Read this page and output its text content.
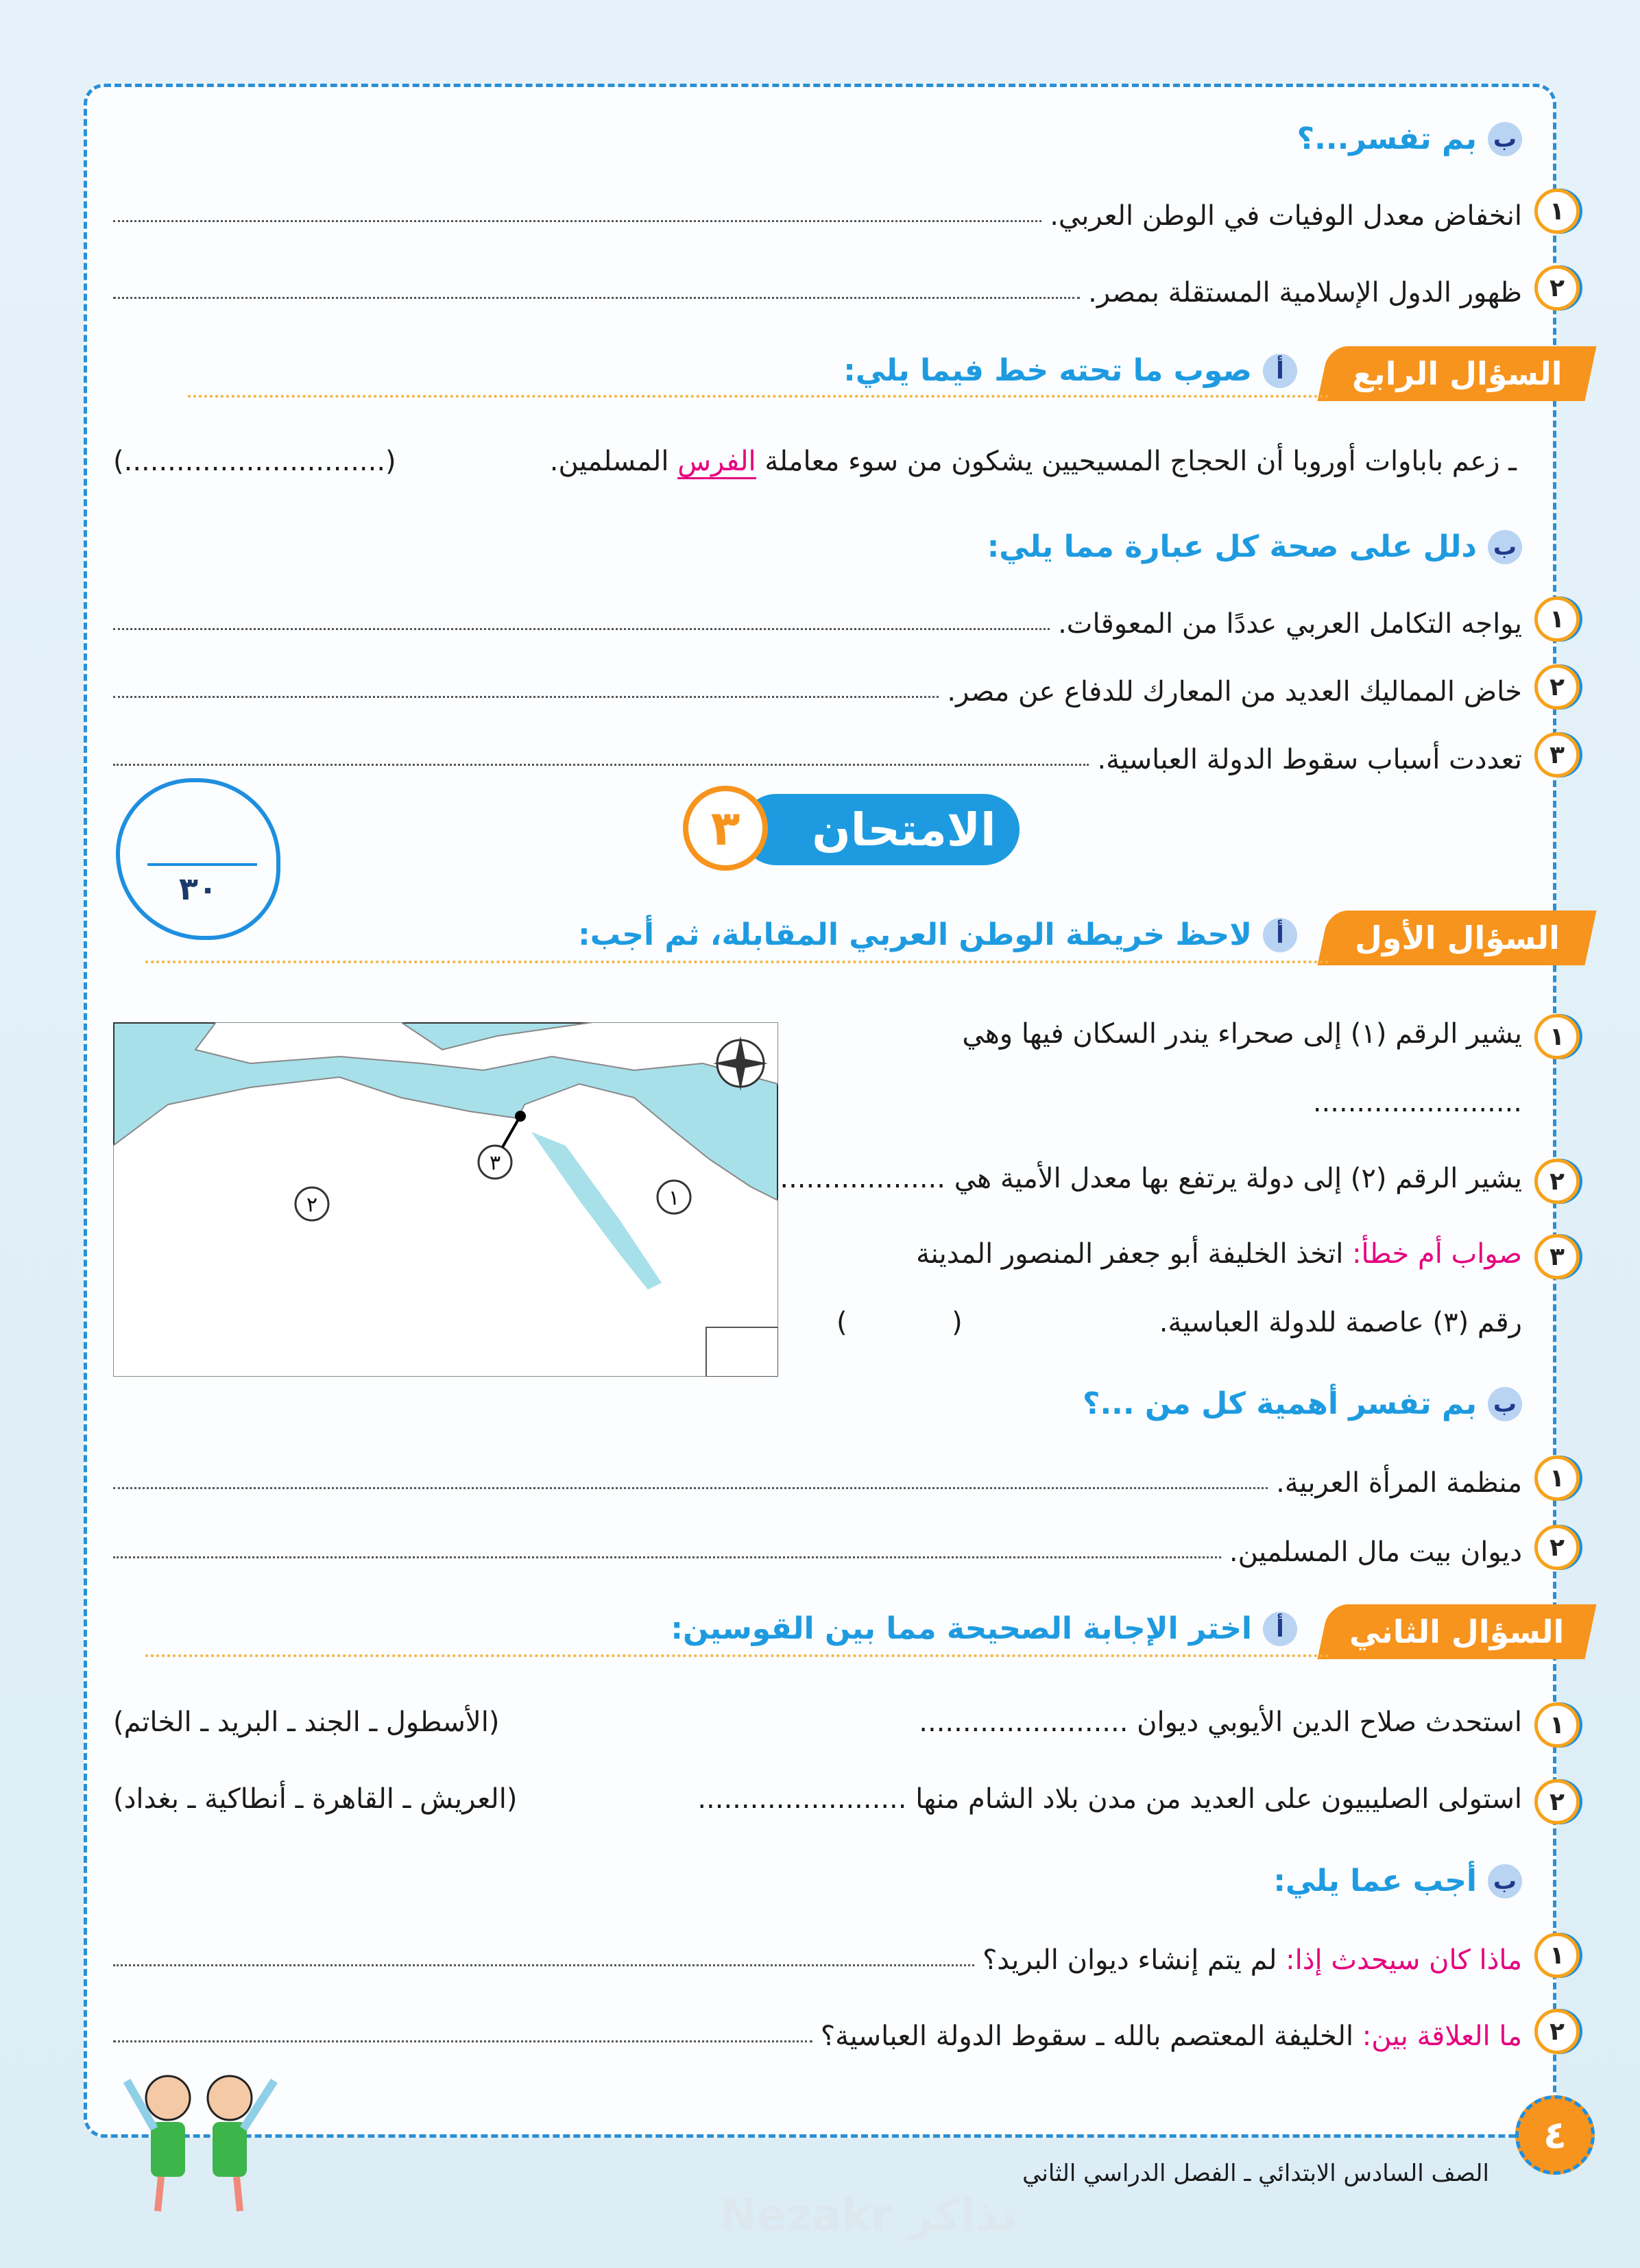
ب
بم تفسر...؟
١
انخفاض معدل الوفيات في الوطن العربي.
٢
ظهور الدول الإسلامية المستقلة بمصر.
السؤال الرابع
أ
صوب ما تحته خط فيما يلي:
ـ زعم باباوات أوروبا أن الحجاج المسيحيين يشكون من سوء معاملة الفرس المسلمين.
(..............................)
ب
دلل على صحة كل عبارة مما يلي:
١
يواجه التكامل العربي عددًا من المعوقات.
٢
خاض المماليك العديد من المعارك للدفاع عن مصر.
٣
تعددت أسباب سقوط الدولة العباسية.
الامتحان
٣
٣٠
السؤال الأول
أ
لاحظ خريطة الوطن العربي المقابلة، ثم أجب:
٢
٣
١
١
يشير الرقم (١) إلى صحراء يندر السكان فيها وهي
........................
٢
يشير الرقم (٢) إلى دولة يرتفع بها معدل الأمية هي ...................
٣
صواب أم خطأ: اتخذ الخليفة أبو جعفر المنصور المدينة
رقم (٣) عاصمة للدولة العباسية.
(            )
ب
بم تفسر أهمية كل من ...؟
١
منظمة المرأة العربية.
٢
ديوان بيت مال المسلمين.
السؤال الثاني
أ
اختر الإجابة الصحيحة مما بين القوسين:
١
استحدث صلاح الدين الأيوبي ديوان ........................
(الأسطول ـ الجند ـ البريد ـ الخاتم)
٢
استولى الصليبيون على العديد من مدن بلاد الشام منها ........................
(العريش ـ القاهرة ـ أنطاكية ـ بغداد)
ب
أجب عما يلي:
١
ماذا كان سيحدث إذا: لم يتم إنشاء ديوان البريد؟
٢
ما العلاقة بين: الخليفة المعتصم بالله ـ سقوط الدولة العباسية؟
٤
Nezakr تذاكر
الصف السادس الابتدائي ـ الفصل الدراسي الثاني
